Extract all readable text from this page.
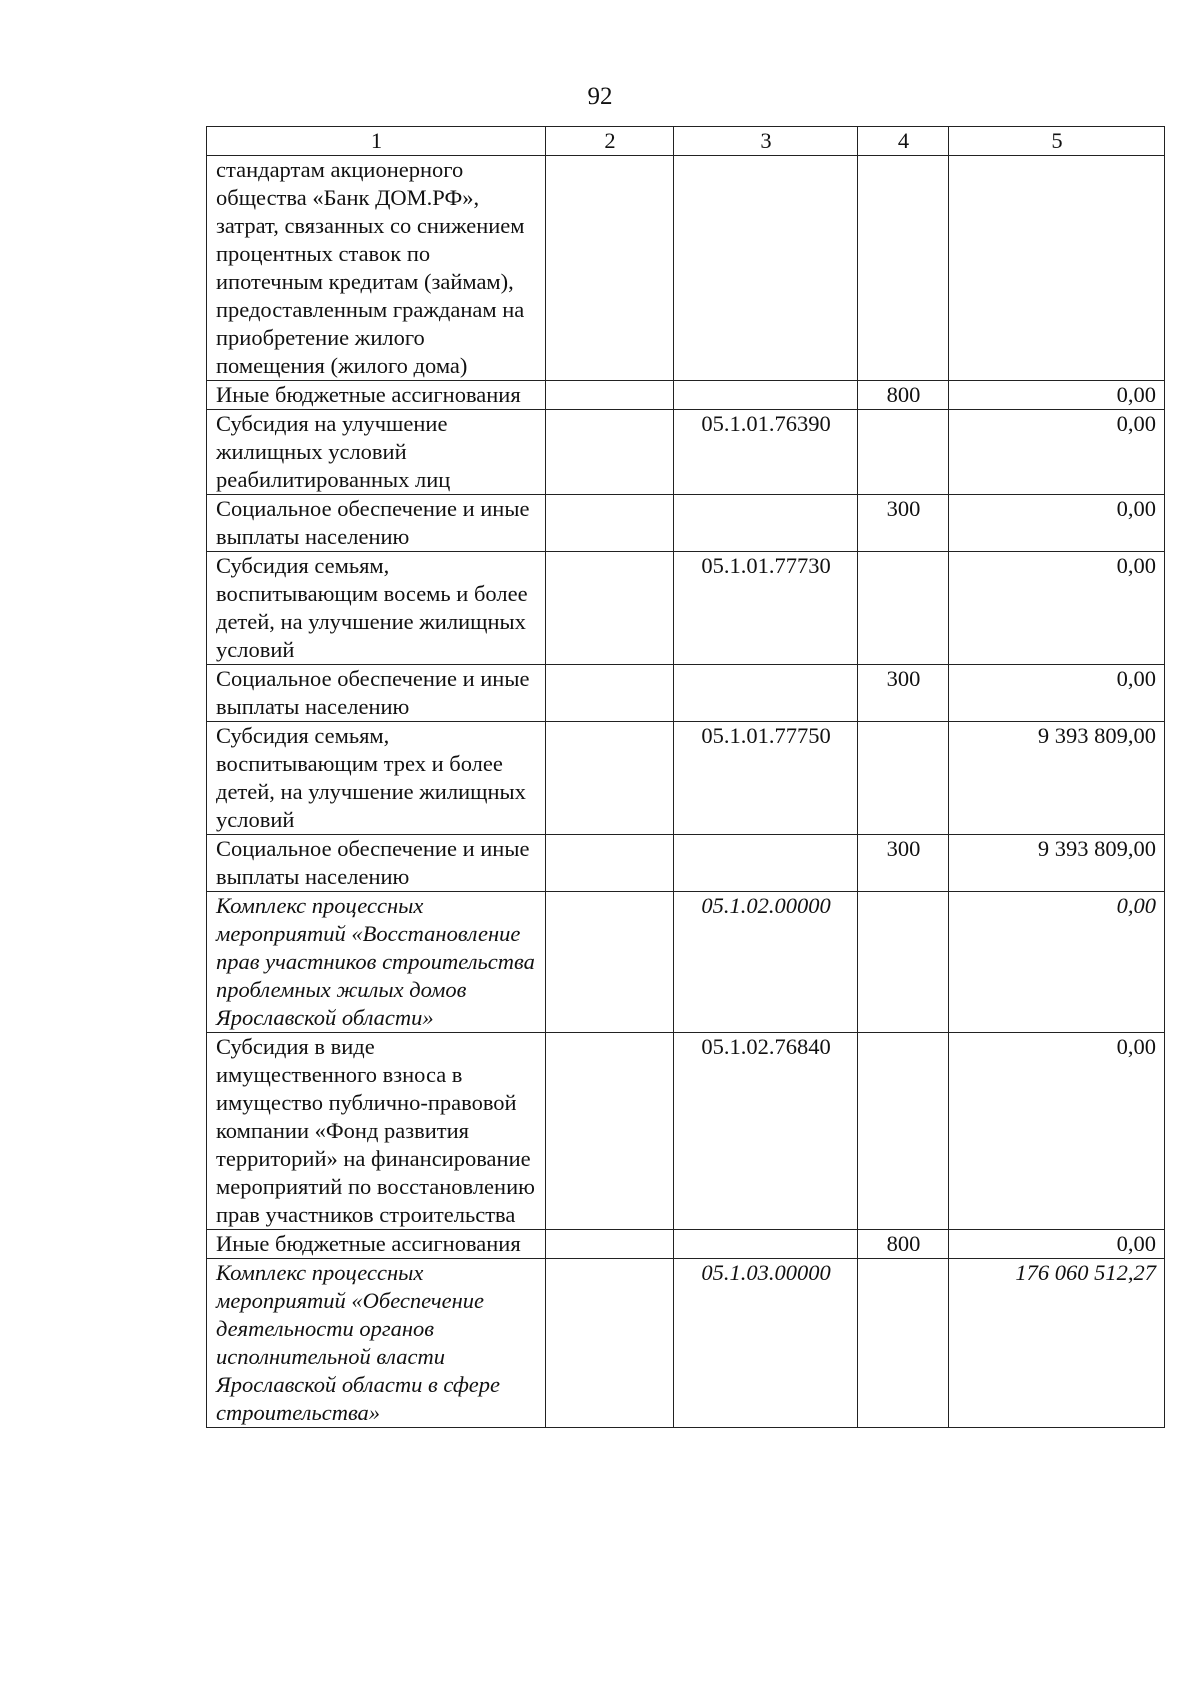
92
1	2	3	4	5
стандартам акционерного общества «Банк ДОМ.РФ», затрат, связанных со снижением процентных ставок по ипотечным кредитам (займам), предоставленным гражданам на приобретение жилого помещения (жилого дома)				
Иные бюджетные ассигнования			800	0,00
Субсидия на улучшение жилищных условий реабилитированных лиц		05.1.01.76390		0,00
Социальное обеспечение и иные выплаты населению			300	0,00
Субсидия семьям, воспитывающим восемь и более детей, на улучшение жилищных условий		05.1.01.77730		0,00
Социальное обеспечение и иные выплаты населению			300	0,00
Субсидия семьям, воспитывающим трех и более детей, на улучшение жилищных условий		05.1.01.77750		9 393 809,00
Социальное обеспечение и иные выплаты населению			300	9 393 809,00
Комплекс процессных мероприятий «Восстановление прав участников строительства проблемных жилых домов Ярославской области»		05.1.02.00000		0,00
Субсидия в виде имущественного взноса в имущество публично-правовой компании «Фонд развития территорий» на финансирование мероприятий по восстановлению прав участников строительства		05.1.02.76840		0,00
Иные бюджетные ассигнования			800	0,00
Комплекс процессных мероприятий «Обеспечение деятельности органов исполнительной власти Ярославской области в сфере строительства»		05.1.03.00000		176 060 512,27
